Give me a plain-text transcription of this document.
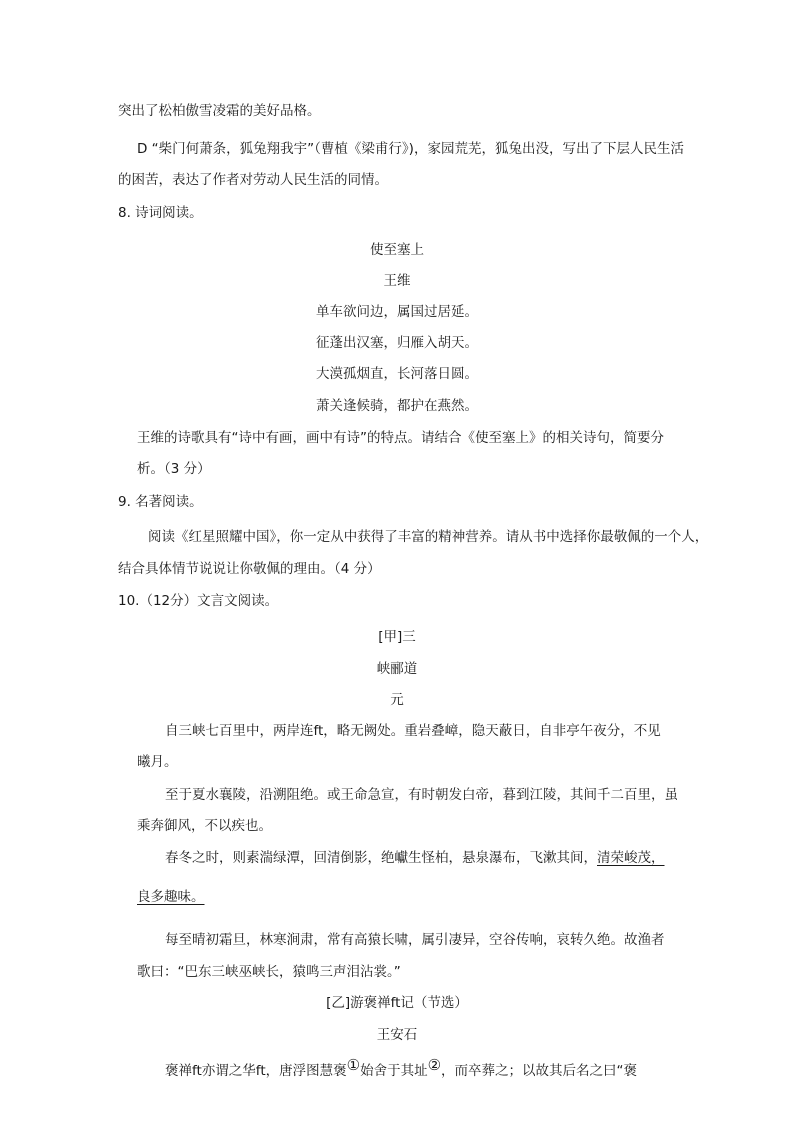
突出了松柏傲雪凌霜的美好品格。
D “柴门何萧条，狐兔翔我宇”（曹植《梁甫行》)，家园荒芜，狐兔出没，写出了下层人民生活
的困苦，表达了作者对劳动人民生活的同情。
8. 诗词阅读。
使至塞上
王维
单车欲问边，属国过居延。
征蓬出汉塞，归雁入胡天。
大漠孤烟直，长河落日圆。
萧关逢候骑，都护在燕然。
王维的诗歌具有“诗中有画，画中有诗”的特点。请结合《使至塞上》的相关诗句，简要分
析。（3 分）
9. 名著阅读。
阅读《红星照耀中国》，你一定从中获得了丰富的精神营养。请从书中选择你最敬佩的一个人，
结合具体情节说说让你敬佩的理由。（4 分）
10.（12分）文言文阅读。
[甲]三
峡郦道
元
自三峡七百里中，两岸连ft，略无阙处。重岩叠嶂，隐天蔽日，自非亭午夜分，不见
曦月。
至于夏水襄陵，沿溯阻绝。或王命急宣，有时朝发白帝，暮到江陵，其间千二百里，虽
乘奔御风，不以疾也。
春冬之时，则素湍绿潭，回清倒影，绝巘生怪柏，悬泉瀑布，飞漱其间，清荣峻茂，
良多趣味。
每至晴初霜旦，林寒涧肃，常有高猿长啸，属引凄异，空谷传响，哀转久绝。故渔者
歌曰：“巴东三峡巫峡长，猿鸣三声泪沾裳。”
[乙]游褒禅ft记（节选）
王安石
褒禅ft亦谓之华ft，唐浮图慧褒①始舍于其址②，而卒葬之；以故其后名之曰“褒
